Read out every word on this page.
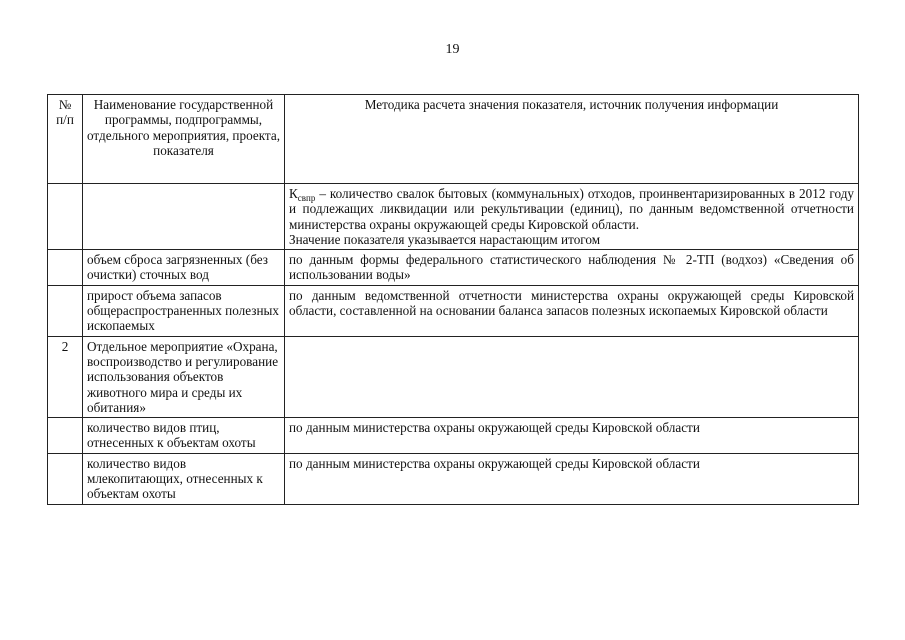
19
№ п/п	Наименование государственной программы, подпрограммы, отдельного мероприятия, проекта, показателя	Методика расчета значения показателя, источник получения информации

		$К_{свпр}$ – количество свалок бытовых (коммунальных) отходов, проинвентаризированных в 2012 году и подлежащих ликвидации или рекультивации (единиц), по данным ведомственной отчетности министерства охраны окружающей среды Кировской области.
Значение показателя указывается нарастающим итогом

	объем сброса загрязненных (без очистки) сточных вод	по данным формы федерального статистического наблюдения № 2-ТП (водхоз) «Сведения об использовании воды»
	прирост объема запасов общераспространенных полезных ископаемых	по данным ведомственной отчетности министерства охраны окружающей среды Кировской области, составленной на основании баланса запасов полезных ископаемых Кировской области
2	Отдельное мероприятие «Охрана, воспроизводство и регулирование использования объектов животного мира и среды их обитания»	
	количество видов птиц, отнесенных к объектам охоты	по данным министерства охраны окружающей среды Кировской области
	количество видов млекопитающих, отнесенных к объектам охоты	по данным министерства охраны окружающей среды Кировской области
